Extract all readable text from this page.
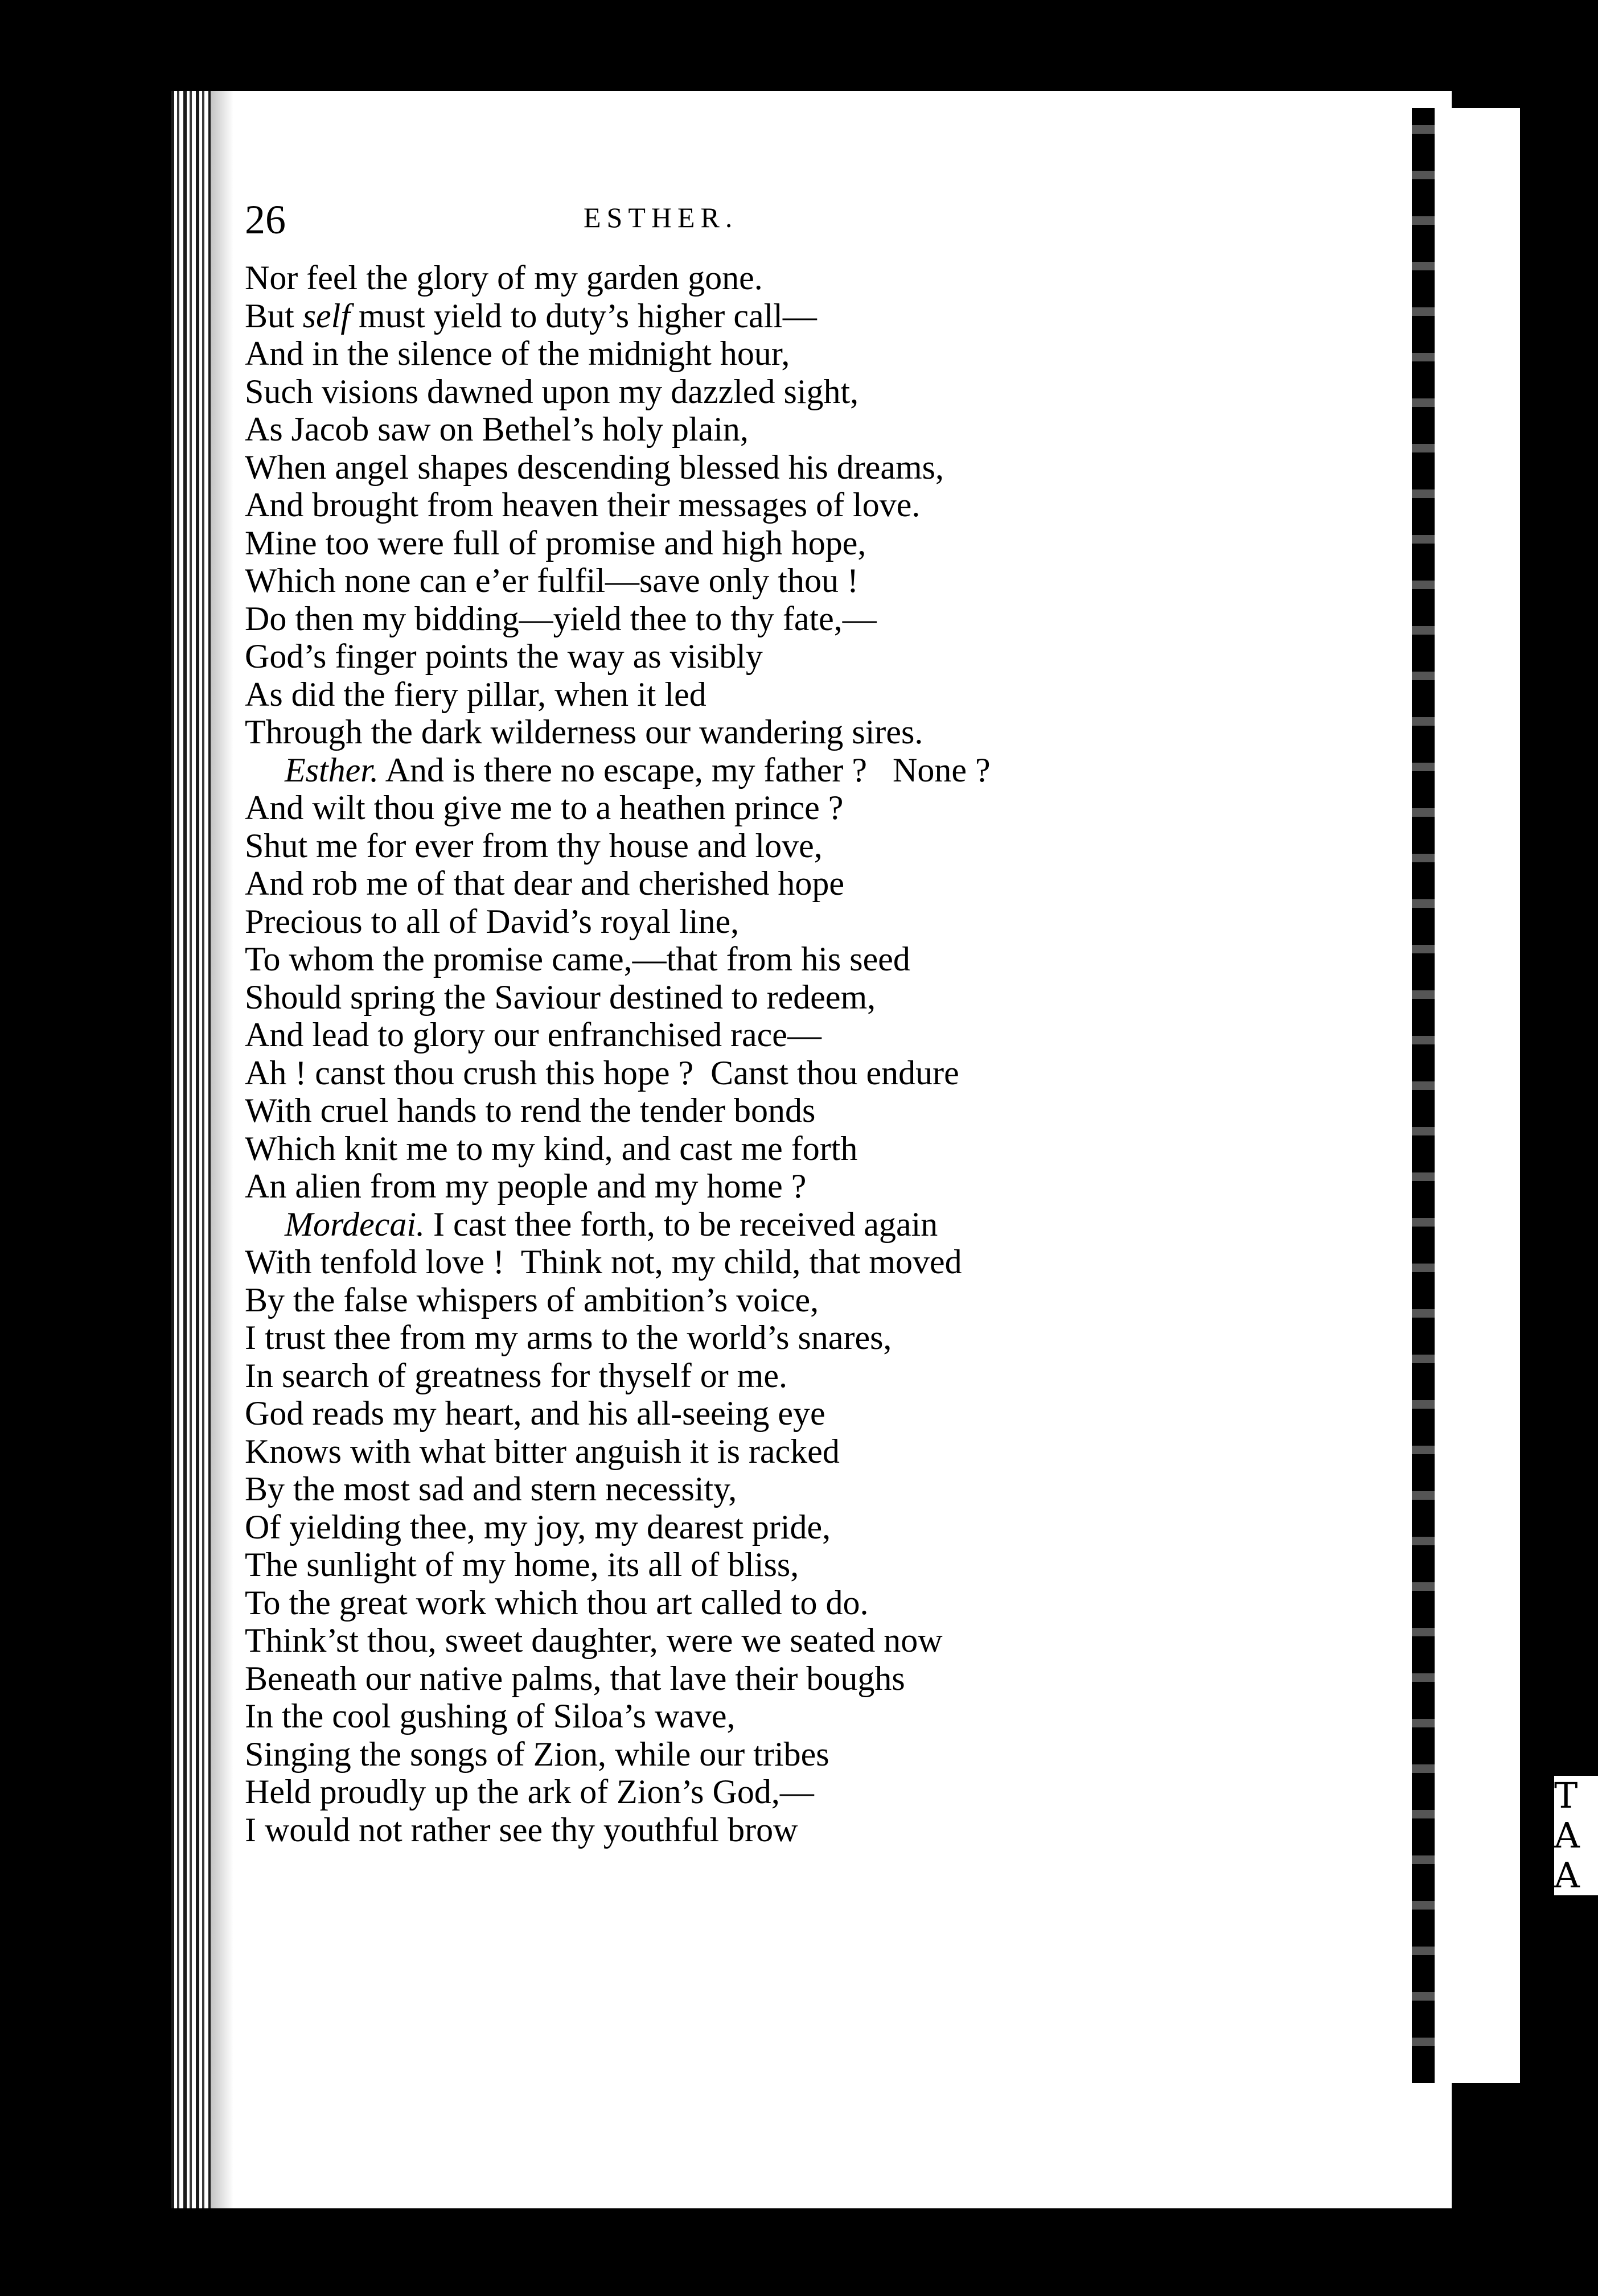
T
A
A
26	ESTHER.
Nor feel the glory of my garden gone.
But self must yield to duty’s higher call—
And in the silence of the midnight hour,
Such visions dawned upon my dazzled sight,
As Jacob saw on Bethel’s holy plain,
When angel shapes descending blessed his dreams,
And brought from heaven their messages of love.
Mine too were full of promise and high hope,
Which none can e’er fulfil—save only thou !
Do then my bidding—yield thee to thy fate,—
God’s finger points the way as visibly
As did the fiery pillar, when it led
Through the dark wilderness our wandering sires.
Esther. And is there no escape, my father ?   None ?
And wilt thou give me to a heathen prince ?
Shut me for ever from thy house and love,
And rob me of that dear and cherished hope
Precious to all of David’s royal line,
To whom the promise came,—that from his seed
Should spring the Saviour destined to redeem,
And lead to glory our enfranchised race—
Ah ! canst thou crush this hope ?  Canst thou endure
With cruel hands to rend the tender bonds
Which knit me to my kind, and cast me forth
An alien from my people and my home ?
Mordecai. I cast thee forth, to be received again
With tenfold love !  Think not, my child, that moved
By the false whispers of ambition’s voice,
I trust thee from my arms to the world’s snares,
In search of greatness for thyself or me.
God reads my heart, and his all-seeing eye
Knows with what bitter anguish it is racked
By the most sad and stern necessity,
Of yielding thee, my joy, my dearest pride,
The sunlight of my home, its all of bliss,
To the great work which thou art called to do.
Think’st thou, sweet daughter, were we seated now
Beneath our native palms, that lave their boughs
In the cool gushing of Siloa’s wave,
Singing the songs of Zion, while our tribes
Held proudly up the ark of Zion’s God,—
I would not rather see thy youthful brow
